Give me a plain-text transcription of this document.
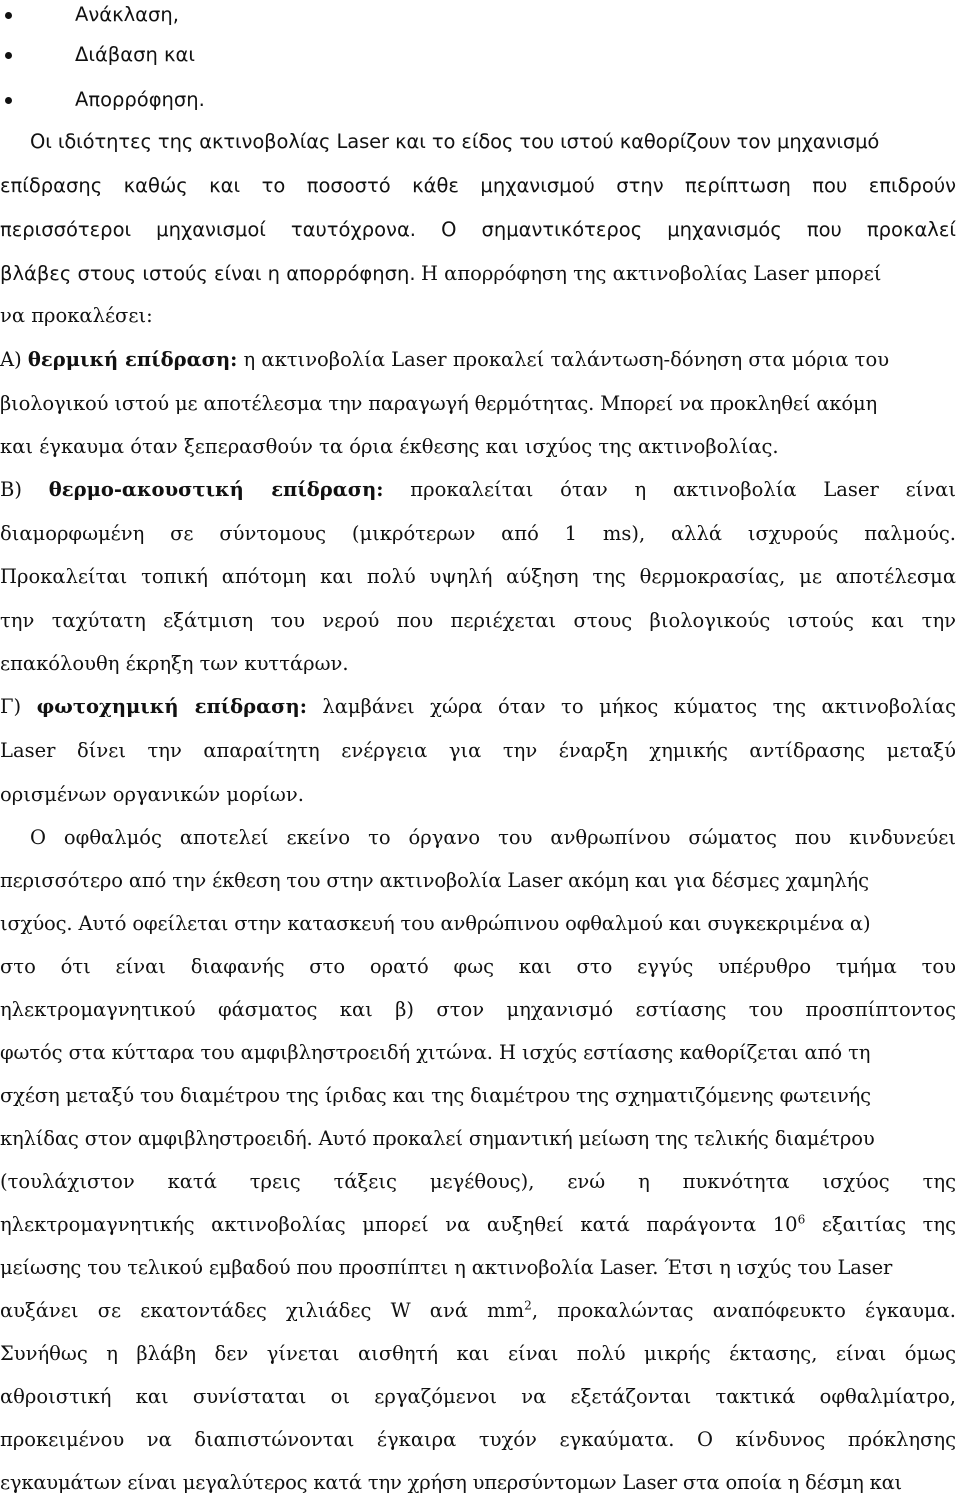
Ανάκλαση,
Διάβαση και
Απορρόφηση.
Οι ιδιότητες της ακτινοβολίας Laser και το είδος του ιστού καθορίζουν τον μηχανισμό
επίδρασης καθώς και το ποσοστό κάθε μηχανισμού στην περίπτωση που επιδρούν
περισσότεροι μηχανισμοί ταυτόχρονα. Ο σημαντικότερος μηχανισμός που προκαλεί
βλάβες στους ιστούς είναι η απορρόφηση. Η απορρόφηση της ακτινοβολίας Laser μπορεί
να προκαλέσει:
Α) θερμική επίδραση: η ακτινοβολία Laser προκαλεί ταλάντωση-δόνηση στα μόρια του
βιολογικού ιστού με αποτέλεσμα την παραγωγή θερμότητας. Μπορεί να προκληθεί ακόμη
και έγκαυμα όταν ξεπερασθούν τα όρια έκθεσης και ισχύος της ακτινοβολίας.
Β) θερμο-ακουστική επίδραση: προκαλείται όταν η ακτινοβολία Laser είναι
διαμορφωμένη σε σύντομους (μικρότερων από 1 ms), αλλά ισχυρούς παλμούς.
Προκαλείται τοπική απότομη και πολύ υψηλή αύξηση της θερμοκρασίας, με αποτέλεσμα
την ταχύτατη εξάτμιση του νερού που περιέχεται στους βιολογικούς ιστούς και την
επακόλουθη έκρηξη των κυττάρων.
Γ) φωτοχημική επίδραση: λαμβάνει χώρα όταν το μήκος κύματος της ακτινοβολίας
Laser δίνει την απαραίτητη ενέργεια για την έναρξη χημικής αντίδρασης μεταξύ
ορισμένων οργανικών μορίων.
Ο οφθαλμός αποτελεί εκείνο το όργανο του ανθρωπίνου σώματος που κινδυνεύει
περισσότερο από την έκθεση του στην ακτινοβολία Laser ακόμη και για δέσμες χαμηλής
ισχύος. Αυτό οφείλεται στην κατασκευή του ανθρώπινου οφθαλμού και συγκεκριμένα α)
στο ότι είναι διαφανής στο ορατό φως και στο εγγύς υπέρυθρο τμήμα του
ηλεκτρομαγνητικού φάσματος και β) στον μηχανισμό εστίασης του προσπίπτοντος
φωτός στα κύτταρα του αμφιβληστροειδή χιτώνα. Η ισχύς εστίασης καθορίζεται από τη
σχέση μεταξύ του διαμέτρου της ίριδας και της διαμέτρου της σχηματιζόμενης φωτεινής
κηλίδας στον αμφιβληστροειδή. Αυτό προκαλεί σημαντική μείωση της τελικής διαμέτρου
(τουλάχιστον κατά τρεις τάξεις μεγέθους), ενώ η πυκνότητα ισχύος της
ηλεκτρομαγνητικής ακτινοβολίας μπορεί να αυξηθεί κατά παράγοντα $10^6$ εξαιτίας της
μείωσης του τελικού εμβαδού που προσπίπτει η ακτινοβολία Laser. Έτσι η ισχύς του Laser
αυξάνει σε εκατοντάδες χιλιάδες W ανά $mm^2$, προκαλώντας αναπόφευκτο έγκαυμα.
Συνήθως η βλάβη δεν γίνεται αισθητή και είναι πολύ μικρής έκτασης, είναι όμως
αθροιστική και συνίσταται οι εργαζόμενοι να εξετάζονται τακτικά οφθαλμίατρο,
προκειμένου να διαπιστώνονται έγκαιρα τυχόν εγκαύματα. Ο κίνδυνος πρόκλησης
εγκαυμάτων είναι μεγαλύτερος κατά την χρήση υπερσύντομων Laser στα οποία η δέσμη και
